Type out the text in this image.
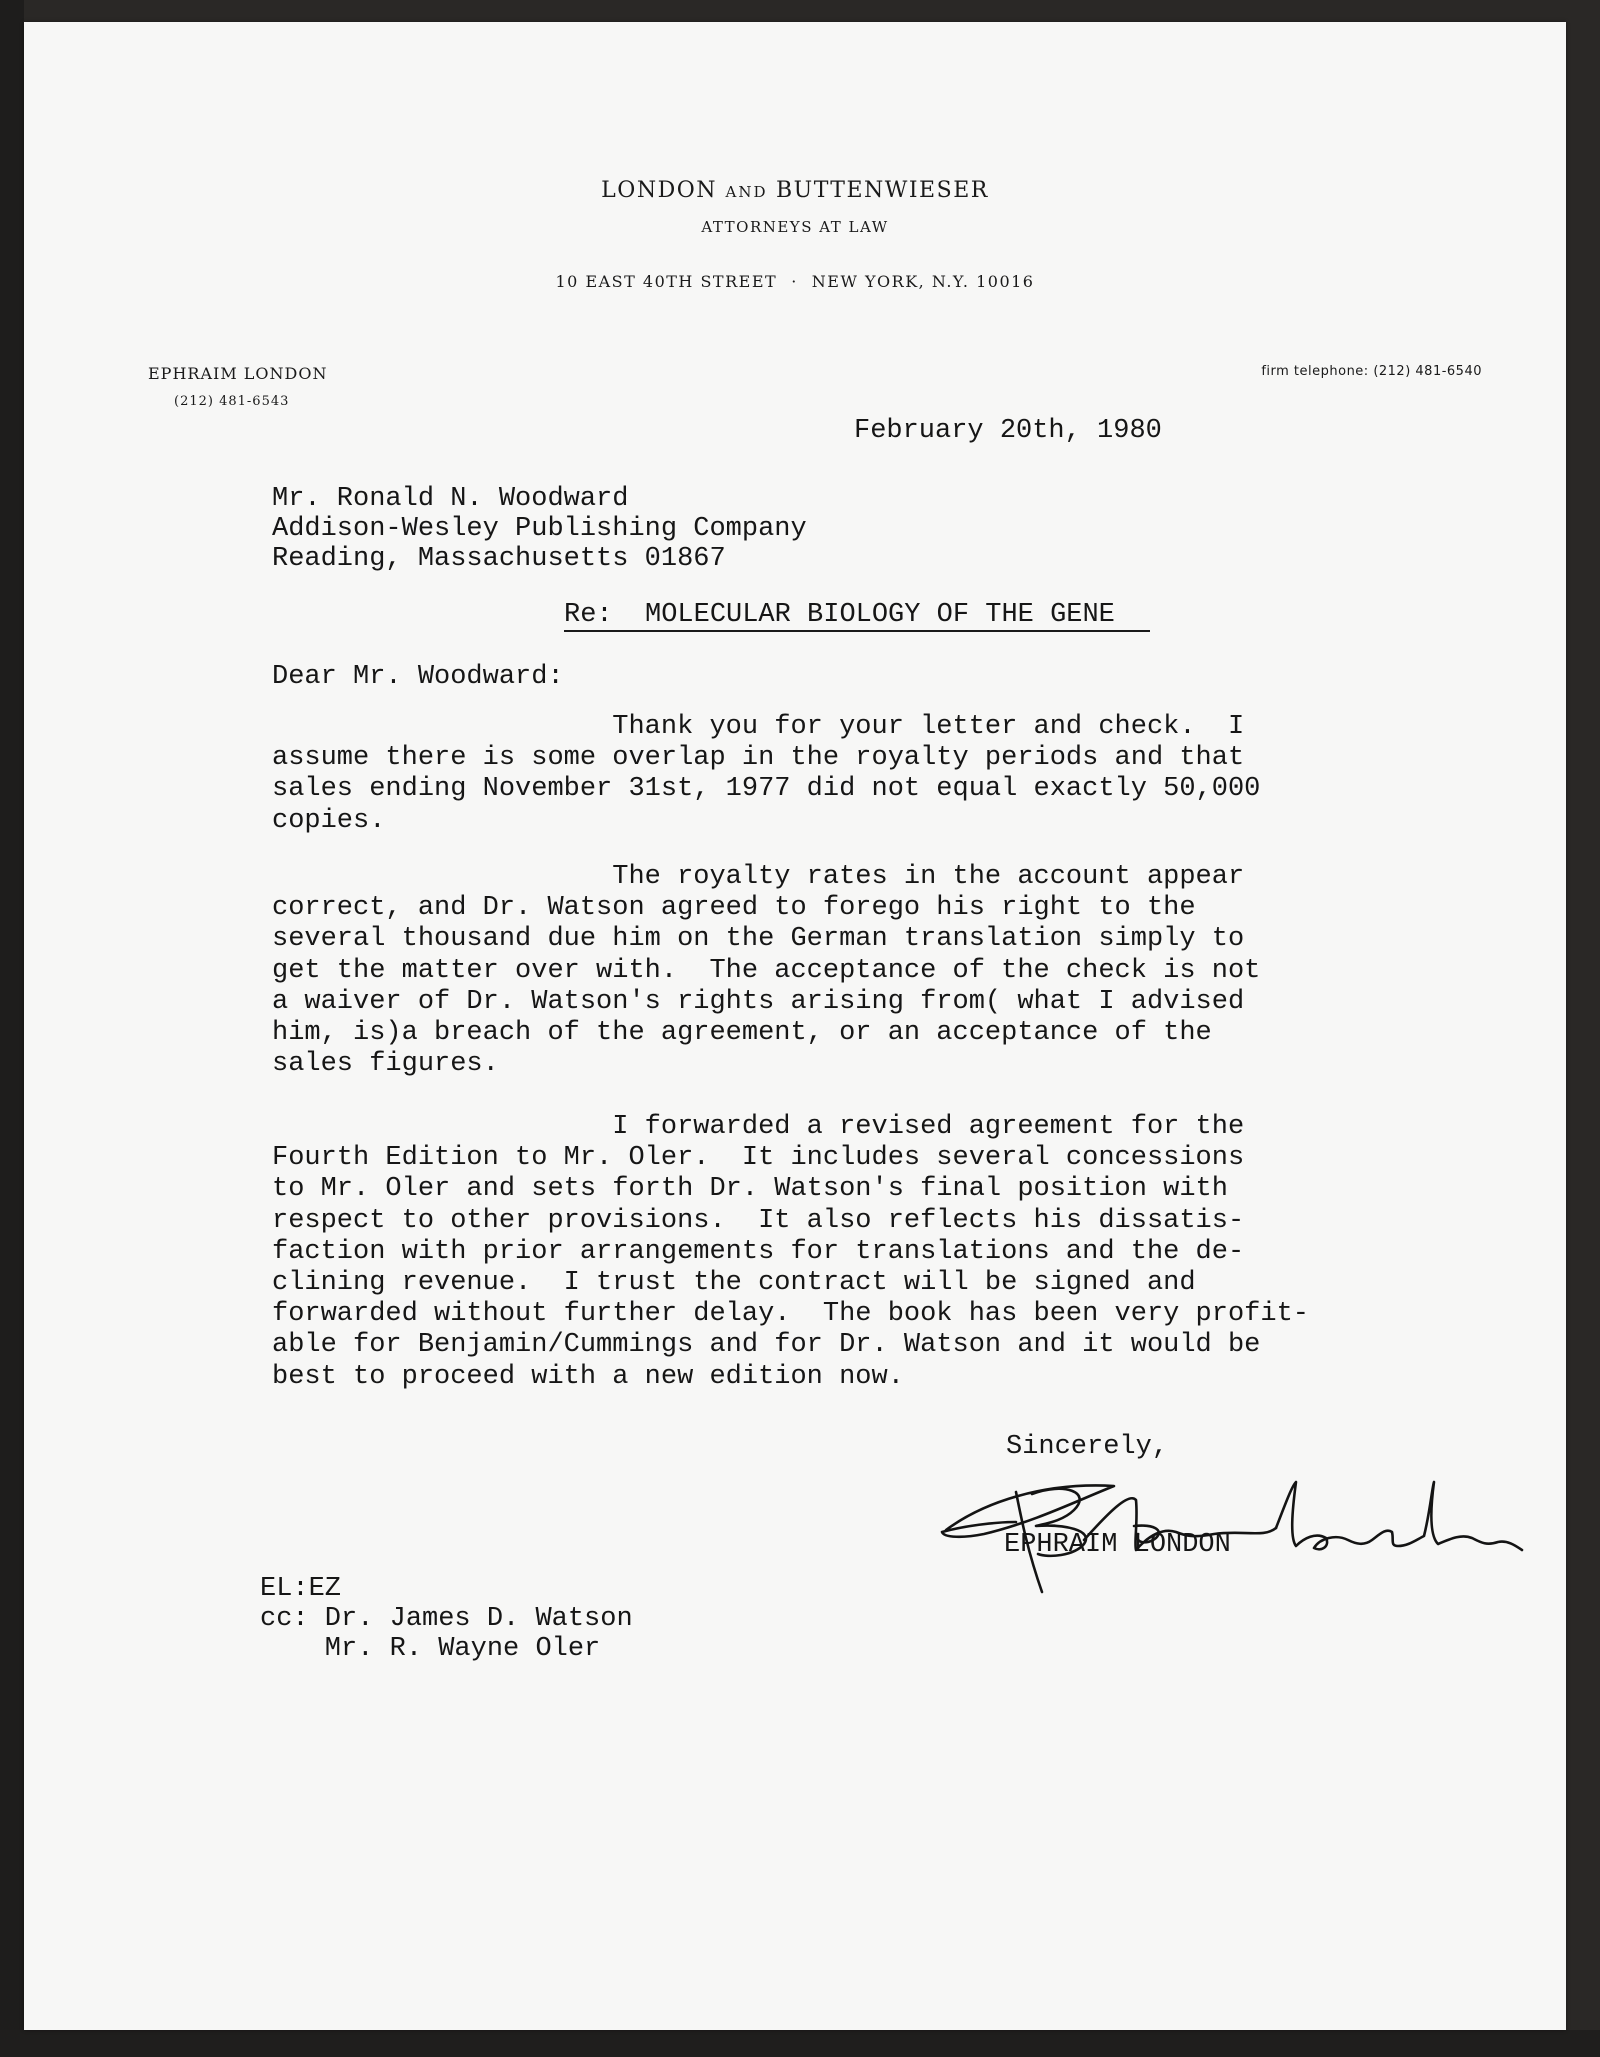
LONDON AND BUTTENWIESER
ATTORNEYS AT LAW
10 EAST 40TH STREET · NEW YORK, N.Y. 10016
EPHRAIM LONDON
(212) 481-6543
firm telephone: (212) 481-6540
February 20th, 1980
Mr. Ronald N. Woodward
Addison-Wesley Publishing Company
Reading, Massachusetts 01867
Re:  MOLECULAR BIOLOGY OF THE GENE
Dear Mr. Woodward:
Thank you for your letter and check.  I
assume there is some overlap in the royalty periods and that
sales ending November 31st, 1977 did not equal exactly 50,000
copies.
The royalty rates in the account appear
correct, and Dr. Watson agreed to forego his right to the
several thousand due him on the German translation simply to
get the matter over with.  The acceptance of the check is not
a waiver of Dr. Watson's rights arising from( what I advised
him, is)a breach of the agreement, or an acceptance of the
sales figures.
I forwarded a revised agreement for the
Fourth Edition to Mr. Oler.  It includes several concessions
to Mr. Oler and sets forth Dr. Watson's final position with
respect to other provisions.  It also reflects his dissatis-
faction with prior arrangements for translations and the de-
clining revenue.  I trust the contract will be signed and
forwarded without further delay.  The book has been very profit-
able for Benjamin/Cummings and for Dr. Watson and it would be
best to proceed with a new edition now.
Sincerely,
EPHRAIM LONDON
EL:EZ
cc: Dr. James D. Watson
Mr. R. Wayne Oler
